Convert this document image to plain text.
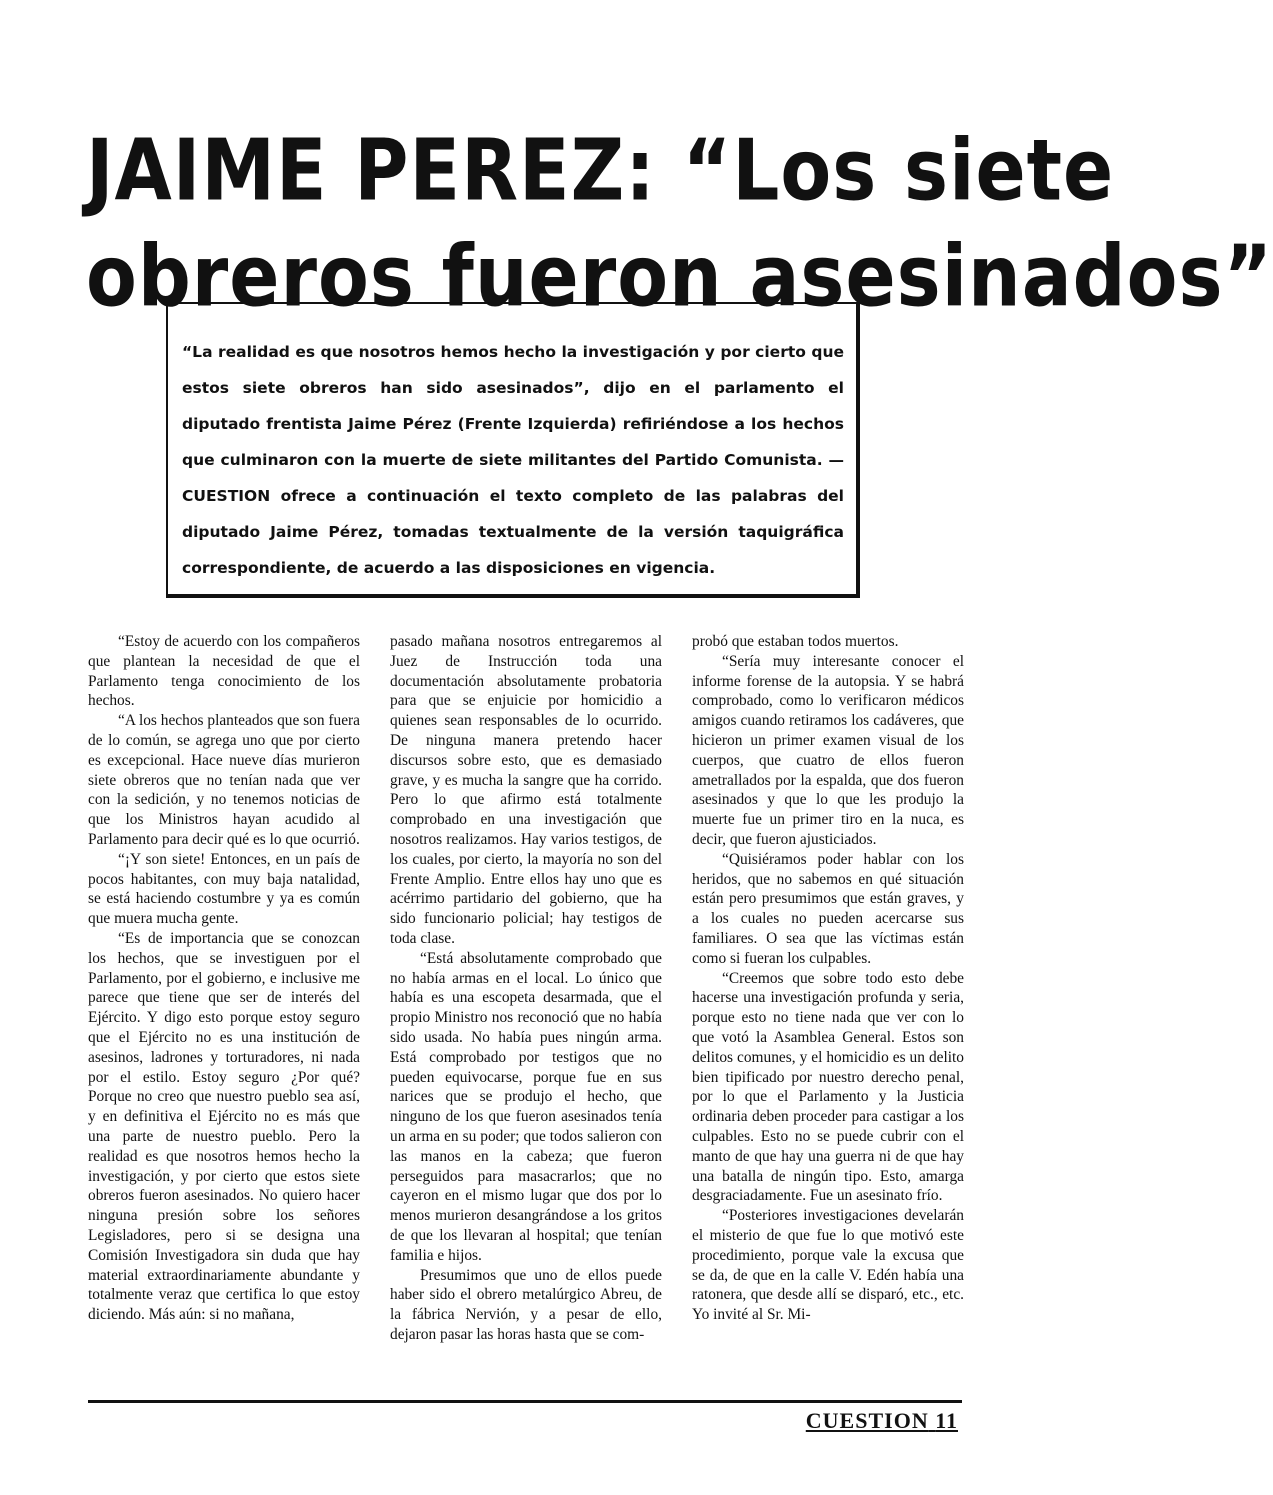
JAIME PEREZ: “Los siete
obreros fueron asesinados”

“La realidad es que nosotros hemos hecho la investigación y por cierto que estos siete obreros han sido asesinados”, dijo en el parlamento el diputado frentista Jaime Pérez (Frente Izquierda) refiriéndose a los hechos que culminaron con la muerte de siete militantes del Partido Comunista. — CUESTION ofrece a continuación el texto completo de las palabras del diputado Jaime Pérez, tomadas textualmente de la versión taquigráfica correspondiente, de acuerdo a las disposiciones en vigencia.

“Estoy de acuerdo con los compañeros que plantean la necesidad de que el Parlamento tenga conocimiento de los hechos.

“A los hechos planteados que son fuera de lo común, se agrega uno que por cierto es excepcional. Hace nueve días murieron siete obreros que no tenían nada que ver con la sedición, y no tenemos noticias de que los Ministros hayan acudido al Parlamento para decir qué es lo que ocurrió.

“¡Y son siete! Entonces, en un país de pocos habitantes, con muy baja natalidad, se está haciendo costumbre y ya es común que muera mucha gente.

“Es de importancia que se conozcan los hechos, que se investiguen por el Parlamento, por el gobierno, e inclusive me parece que tiene que ser de interés del Ejército. Y digo esto porque estoy seguro que el Ejército no es una institución de asesinos, ladrones y torturadores, ni nada por el estilo. Estoy seguro ¿Por qué? Porque no creo que nuestro pueblo sea así, y en definitiva el Ejército no es más que una parte de nuestro pueblo. Pero la realidad es que nosotros hemos hecho la investigación, y por cierto que estos siete obreros fueron asesinados. No quiero hacer ninguna presión sobre los señores Legisladores, pero si se designa una Comisión Investigadora sin duda que hay material extraordinariamente abundante y totalmente veraz que certifica lo que estoy diciendo. Más aún: si no mañana,

pasado mañana nosotros entregaremos al Juez de Instrucción toda una documentación absolutamente probatoria para que se enjuicie por homicidio a quienes sean responsables de lo ocurrido. De ninguna manera pretendo hacer discursos sobre esto, que es demasiado grave, y es mucha la sangre que ha corrido. Pero lo que afirmo está totalmente comprobado en una investigación que nosotros realizamos. Hay varios testigos, de los cuales, por cierto, la mayoría no son del Frente Amplio. Entre ellos hay uno que es acérrimo partidario del gobierno, que ha sido funcionario policial; hay testigos de toda clase.

“Está absolutamente comprobado que no había armas en el local. Lo único que había es una escopeta desarmada, que el propio Ministro nos reconoció que no había sido usada. No había pues ningún arma. Está comprobado por testigos que no pueden equivocarse, porque fue en sus narices que se produjo el hecho, que ninguno de los que fueron asesinados tenía un arma en su poder; que todos salieron con las manos en la cabeza; que fueron perseguidos para masacrarlos; que no cayeron en el mismo lugar que dos por lo menos murieron desangrándose a los gritos de que los llevaran al hospital; que tenían familia e hijos.

Presumimos que uno de ellos puede haber sido el obrero metalúrgico Abreu, de la fábrica Nervión, y a pesar de ello, dejaron pasar las horas hasta que se com-

probó que estaban todos muertos.

“Sería muy interesante conocer el informe forense de la autopsia. Y se habrá comprobado, como lo verificaron médicos amigos cuando retiramos los cadáveres, que hicieron un primer examen visual de los cuerpos, que cuatro de ellos fueron ametrallados por la espalda, que dos fueron asesinados y que lo que les produjo la muerte fue un primer tiro en la nuca, es decir, que fueron ajusticiados.

“Quisiéramos poder hablar con los heridos, que no sabemos en qué situación están pero presumimos que están graves, y a los cuales no pueden acercarse sus familiares. O sea que las víctimas están como si fueran los culpables.

“Creemos que sobre todo esto debe hacerse una investigación profunda y seria, porque esto no tiene nada que ver con lo que votó la Asamblea General. Estos son delitos comunes, y el homicidio es un delito bien tipificado por nuestro derecho penal, por lo que el Parlamento y la Justicia ordinaria deben proceder para castigar a los culpables. Esto no se puede cubrir con el manto de que hay una guerra ni de que hay una batalla de ningún tipo. Esto, amarga desgraciadamente. Fue un asesinato frío.

“Posteriores investigaciones develarán el misterio de que fue lo que motivó este procedimiento, porque vale la excusa que se da, de que en la calle V. Edén había una ratonera, que desde allí se disparó, etc., etc. Yo invité al Sr. Mi-

CUESTION 11
